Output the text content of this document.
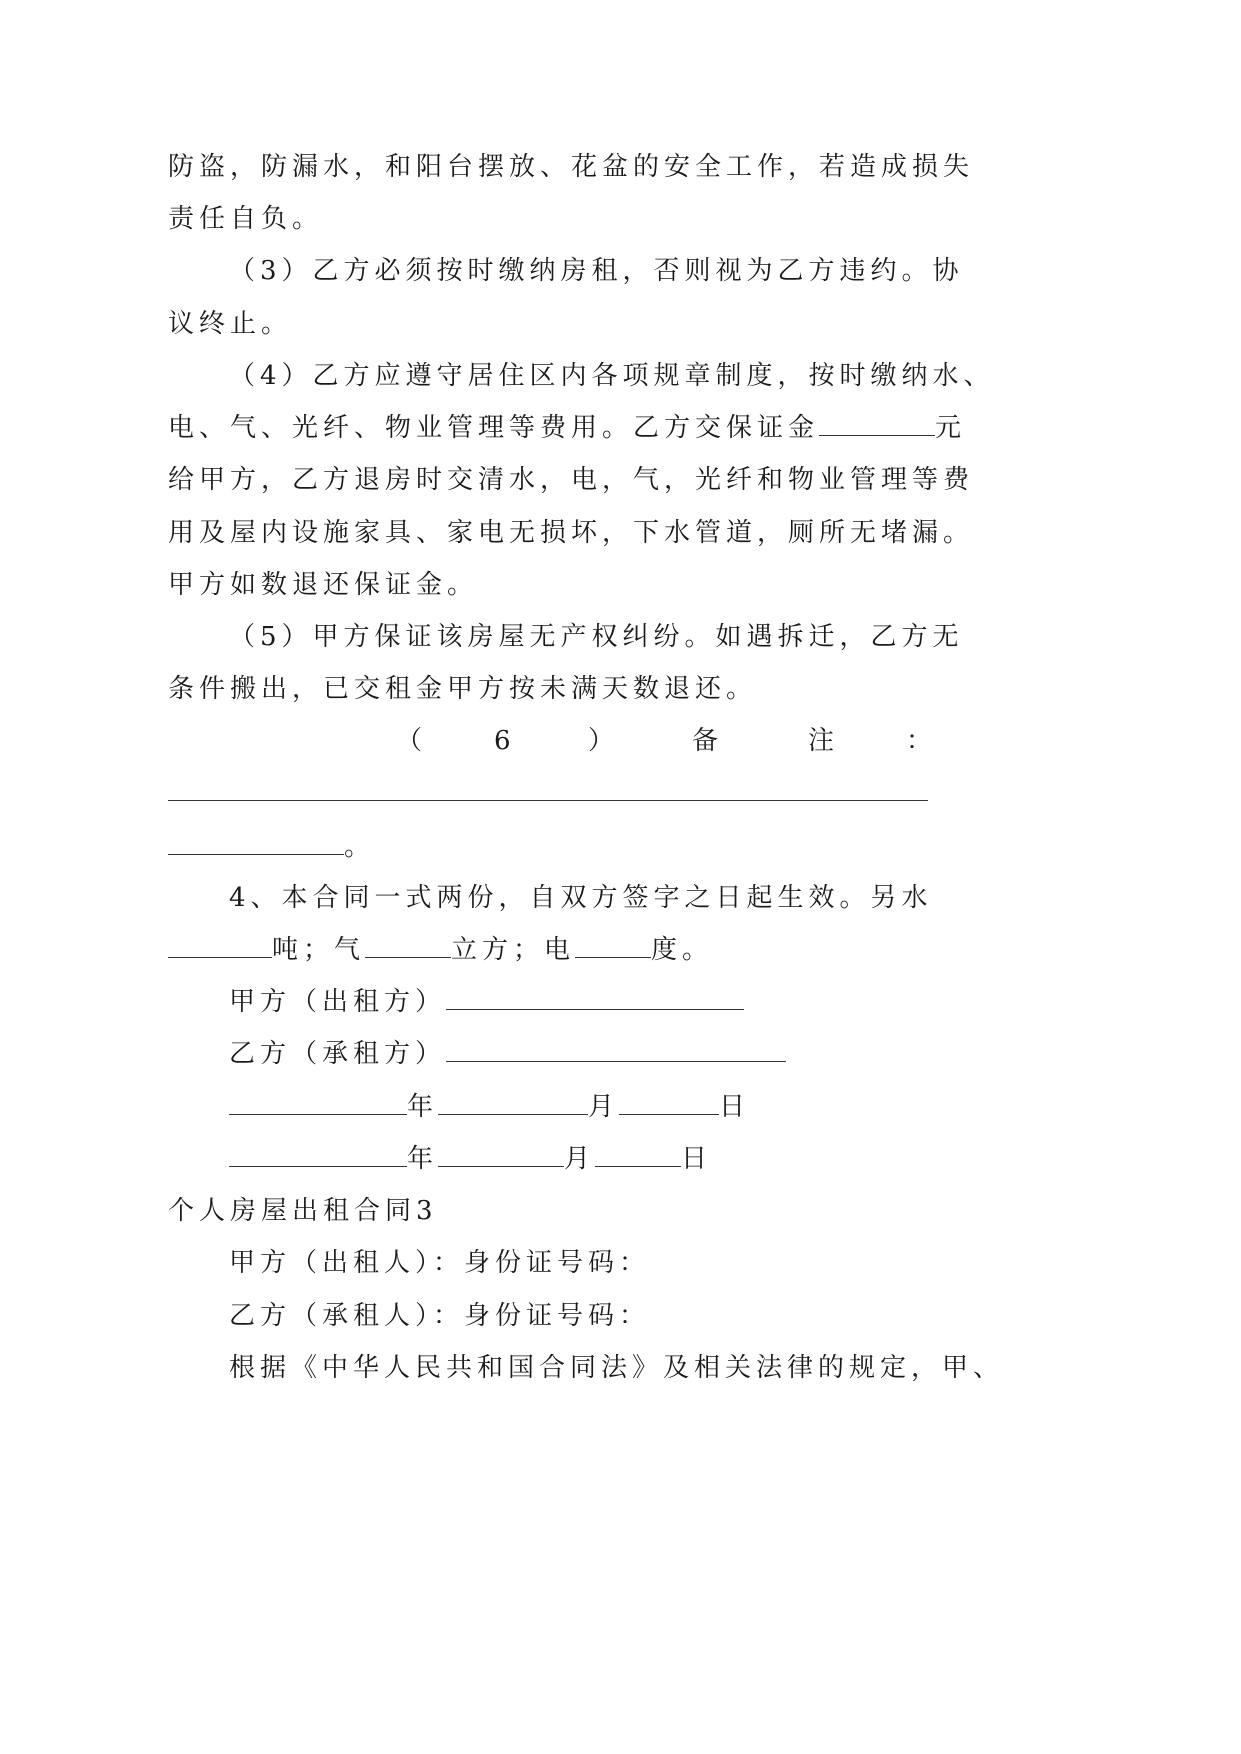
防盗，防漏水，和阳台摆放、花盆的安全工作，若造成损失
责任自负。
（3）乙方必须按时缴纳房租，否则视为乙方违约。协
议终止。
（4）乙方应遵守居住区内各项规章制度，按时缴纳水、
电、气、光纤、物业管理等费用。乙方交保证金	元
给甲方，乙方退房时交清水，电，气，光纤和物业管理等费
用及屋内设施家具、家电无损坏，下水管道，厕所无堵漏。
甲方如数退还保证金。
（5）甲方保证该房屋无产权纠纷。如遇拆迁，乙方无
条件搬出，已交租金甲方按未满天数退还。
（	6	）	备	注	：
。
4、本合同一式两份，自双方签字之日起生效。另水
吨；气	立方；电	度。
甲方（出租方）
乙方（承租方）
年	月	日
年	月	日
个人房屋出租合同3
甲方（出租人）：身份证号码：
乙方（承租人）：身份证号码：
根据《中华人民共和国合同法》及相关法律的规定，甲、
